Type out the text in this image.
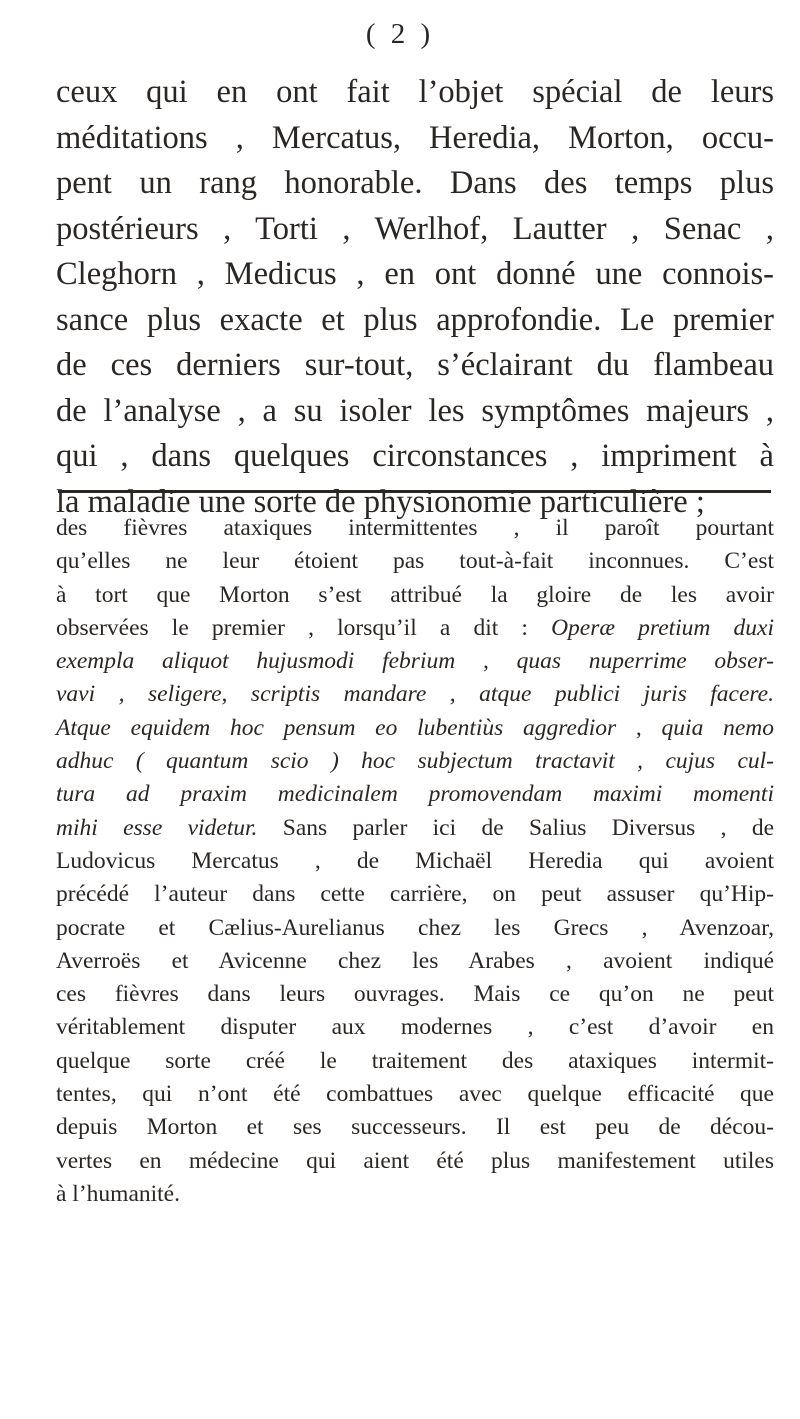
( 2 )
ceux qui en ont fait l’objet spécial de leurs
méditations , Mercatus, Heredia, Morton, occu-
pent un rang honorable. Dans des temps plus
postérieurs , Torti , Werlhof, Lautter , Senac ,
Cleghorn , Medicus , en ont donné une connois-
sance plus exacte et plus approfondie. Le premier
de ces derniers sur-tout, s’éclairant du flambeau
de l’analyse , a su isoler les symptômes majeurs ,
qui , dans quelques circonstances , impriment à
la maladie une sorte de physionomie particulière ;
des fièvres ataxiques intermittentes , il paroît pourtant
qu’elles ne leur étoient pas tout-à-fait inconnues. C’est
à tort que Morton s’est attribué la gloire de les avoir
observées le premier , lorsqu’il a dit : Operæ pretium duxi
exempla aliquot hujusmodi febrium , quas nuperrime obser-
vavi , seligere, scriptis mandare , atque publici juris facere.
Atque equidem hoc pensum eo lubentiùs aggredior , quia nemo
adhuc ( quantum scio ) hoc subjectum tractavit , cujus cul-
tura ad praxim medicinalem promovendam maximi momenti
mihi esse videtur. Sans parler ici de Salius Diversus , de
Ludovicus Mercatus , de Michaël Heredia qui avoient
précédé l’auteur dans cette carrière, on peut assuser qu’Hip-
pocrate et Cælius-Aurelianus chez les Grecs , Avenzoar,
Averroës et Avicenne chez les Arabes , avoient indiqué
ces fièvres dans leurs ouvrages. Mais ce qu’on ne peut
véritablement disputer aux modernes , c’est d’avoir en
quelque sorte créé le traitement des ataxiques intermit-
tentes, qui n’ont été combattues avec quelque efficacité que
depuis Morton et ses successeurs. Il est peu de décou-
vertes en médecine qui aient été plus manifestement utiles
à l’humanité.
